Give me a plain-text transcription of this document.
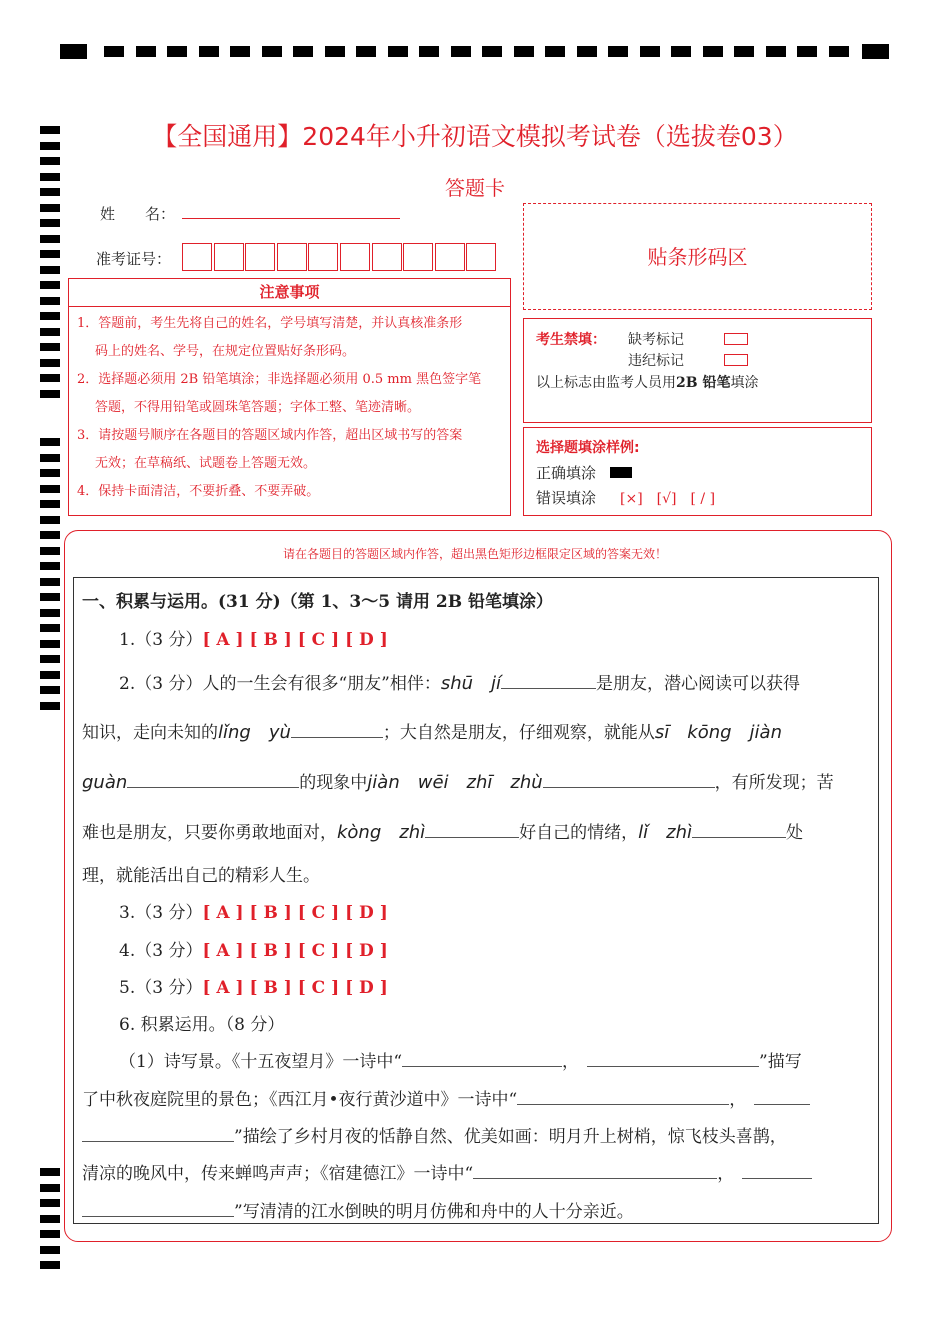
【全国通用】2024年小升初语文模拟考试卷（选拔卷03）
答题卡
姓　　名：
准考证号：	贴条形码区
注意事项
1．答题前，考生先将自己的姓名，学号填写清楚，并认真核准条形
码上的姓名、学号，在规定位置贴好条形码。
2．选择题必须用 2B 铅笔填涂；非选择题必须用 0.5 mm 黑色签字笔
答题，不得用铅笔或圆珠笔答题；字体工整、笔迹清晰。
3．请按题号顺序在各题目的答题区域内作答，超出区域书写的答案
无效；在草稿纸、试题卷上答题无效。
4．保持卡面清洁，不要折叠、不要弄破。
考生禁填： 缺考标记
违纪标记
以上标志由监考人员用2B 铅笔填涂
选择题填涂样例:
正确填涂
错误填涂 [×]　[√]　[ / ]
请在各题目的答题区域内作答，超出黑色矩形边框限定区域的答案无效！
一、积累与运用。(31 分)（第 1、3～5 请用 2B 铅笔填涂）
1.（3 分）[ A ] [ B ] [ C ] [ D ]
2.（3 分）人的一生会有很多“朋友”相伴：shū　jí	是朋友，潜心阅读可以获得
知识，走向未知的lǐng　yù	；大自然是朋友，仔细观察，就能从sī　kōng　jiàn
guàn	的现象中jiàn　wēi　zhī　zhù	，有所发现；苦
难也是朋友，只要你勇敢地面对，kòng　zhì	好自己的情绪，lǐ　zhì	处
理，就能活出自己的精彩人生。
3.（3 分）[ A ] [ B ] [ C ] [ D ]
4.（3 分）[ A ] [ B ] [ C ] [ D ]
5.（3 分）[ A ] [ B ] [ C ] [ D ]
6. 积累运用。（8 分）
（1）诗写景。《十五夜望月》一诗中“	，	”描写
了中秋夜庭院里的景色；《西江月•夜行黄沙道中》一诗中“	，
”描绘了乡村月夜的恬静自然、优美如画：明月升上树梢，惊飞枝头喜鹊，
清凉的晚风中，传来蝉鸣声声；《宿建德江》一诗中“	，
”写清清的江水倒映的明月仿佛和舟中的人十分亲近。
